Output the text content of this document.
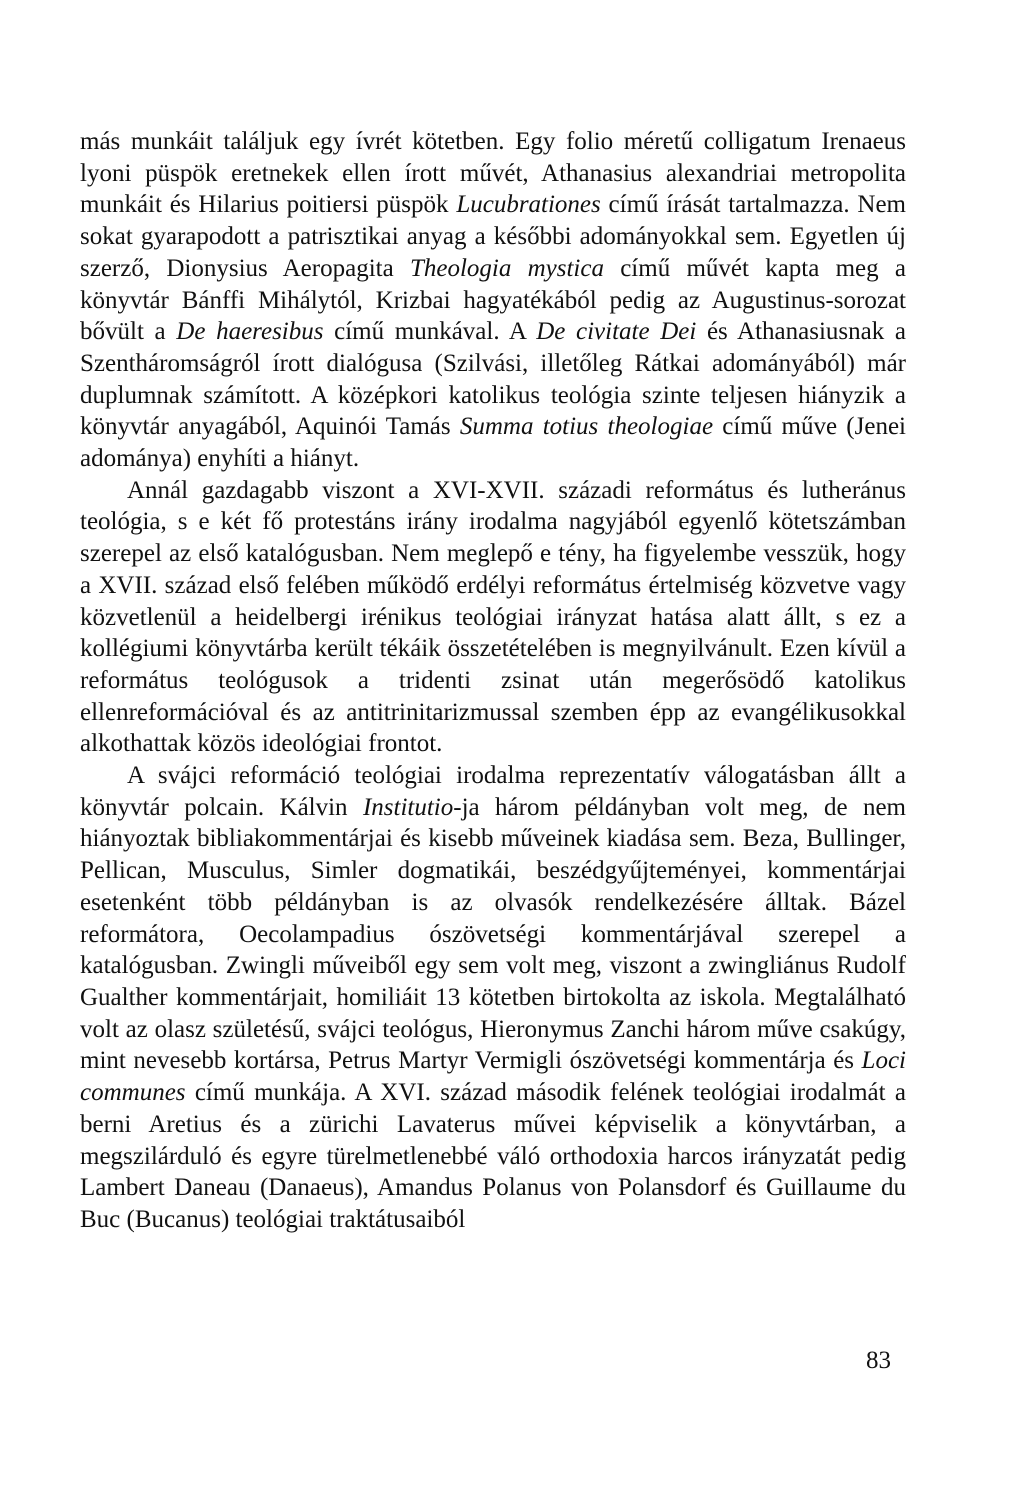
más munkáit találjuk egy ívrét kötetben. Egy folio méretű colligatum Irenaeus lyoni püspök eretnekek ellen írott művét, Athanasius alexandriai metropolita munkáit és Hilarius poitiersi püspök Lucubrationes című írását tartalmazza. Nem sokat gyarapodott a patrisztikai anyag a későbbi adományokkal sem. Egyetlen új szerző, Dionysius Aeropagita Theologia mystica című művét kapta meg a könyvtár Bánffi Mihálytól, Krizbai hagyatékából pedig az Augustinus-sorozat bővült a De haeresibus című munkával. A De civitate Dei és Athanasiusnak a Szentháromságról írott dialógusa (Szilvási, illetőleg Rátkai adományából) már duplumnak számított. A középkori katolikus teológia szinte teljesen hiányzik a könyvtár anyagából, Aquinói Tamás Summa totius theologiae című műve (Jenei adománya) enyhíti a hiányt.

Annál gazdagabb viszont a XVI-XVII. századi református és lutheránus teológia, s e két fő protestáns irány irodalma nagyjából egyenlő kötetszámban szerepel az első katalógusban. Nem meglepő e tény, ha figyelembe vesszük, hogy a XVII. század első felében működő erdélyi református értelmiség közvetve vagy közvetlenül a heidelbergi irénikus teológiai irányzat hatása alatt állt, s ez a kollégiumi könyvtárba került tékáik összetételében is megnyilvánult. Ezen kívül a református teológusok a tridenti zsinat után megerősödő katolikus ellenreformációval és az antitrinitarizmussal szemben épp az evangélikusokkal alkothattak közös ideológiai frontot.

A svájci reformáció teológiai irodalma reprezentatív válogatásban állt a könyvtár polcain. Kálvin Institutio-ja három példányban volt meg, de nem hiányoztak bibliakommentárjai és kisebb műveinek kiadása sem. Beza, Bullinger, Pellican, Musculus, Simler dogmatikái, beszédgyűjteményei, kommentárjai esetenként több példányban is az olvasók rendelkezésére álltak. Bázel reformátora, Oecolampadius ószövetségi kommentárjával szerepel a katalógusban. Zwingli műveiből egy sem volt meg, viszont a zwingliánus Rudolf Gualther kommentárjait, homiliáit 13 kötetben birtokolta az iskola. Megtalálható volt az olasz születésű, svájci teológus, Hieronymus Zanchi három műve csakúgy, mint nevesebb kortársa, Petrus Martyr Vermigli ószövetségi kommentárja és Loci communes című munkája. A XVI. század második felének teológiai irodalmát a berni Aretius és a zürichi Lavaterus művei képviselik a könyvtárban, a megszilárduló és egyre türelmetlenebbé váló orthodoxia harcos irányzatát pedig Lambert Daneau (Danaeus), Amandus Polanus von Polansdorf és Guillaume du Buc (Bucanus) teológiai traktátusaiból

83
